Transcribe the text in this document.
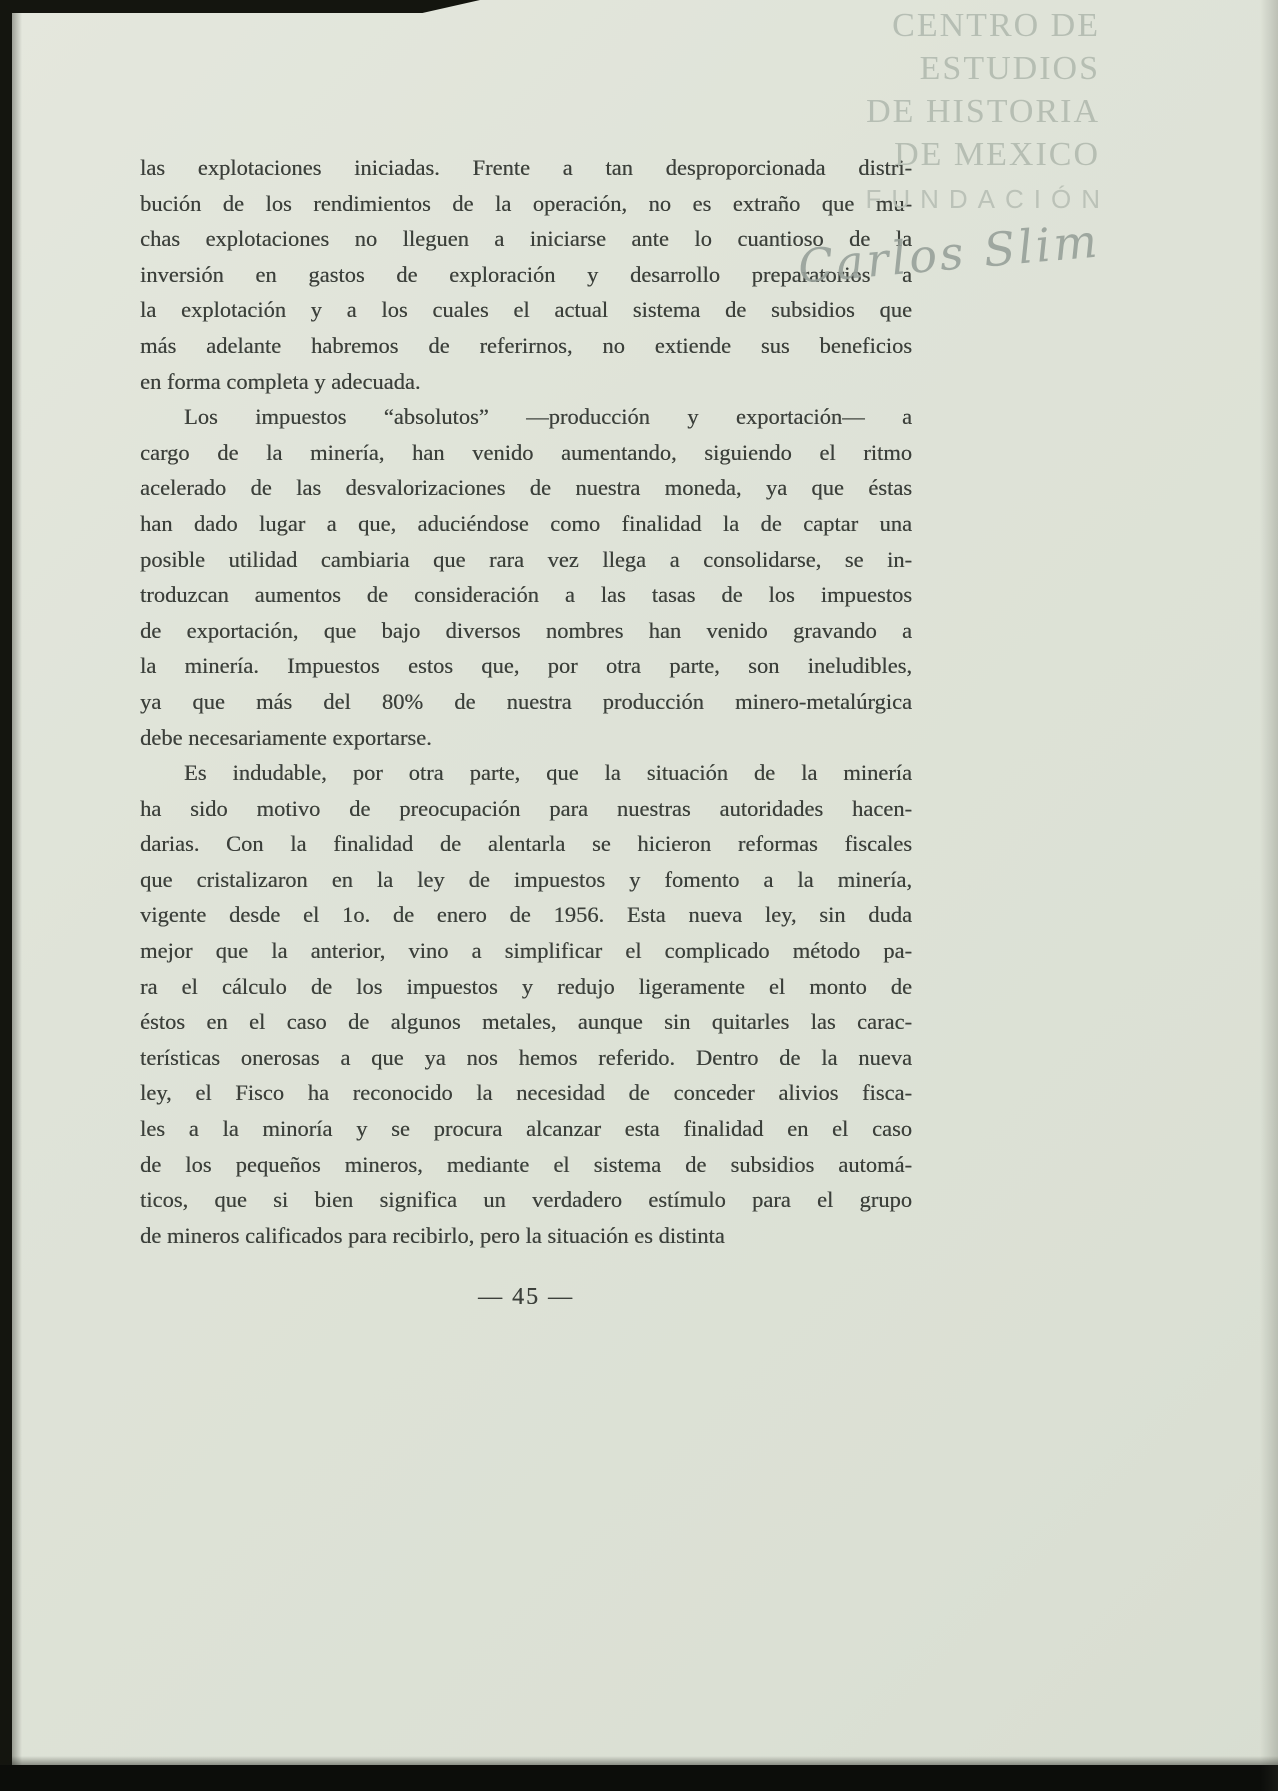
CENTRO DE
ESTUDIOS
DE HISTORIA
DE MEXICO
FUNDACIÓN
Carlos Slim
las explotaciones iniciadas. Frente a tan desproporcionada distri-
bución de los rendimientos de la operación, no es extraño que mu-
chas explotaciones no lleguen a iniciarse ante lo cuantioso de la
inversión en gastos de exploración y desarrollo preparatorios a
la explotación y a los cuales el actual sistema de subsidios que
más adelante habremos de referirnos, no extiende sus beneficios
en forma completa y adecuada.
Los impuestos “absolutos” —producción y exportación— a
cargo de la minería, han venido aumentando, siguiendo el ritmo
acelerado de las desvalorizaciones de nuestra moneda, ya que éstas
han dado lugar a que, aduciéndose como finalidad la de captar una
posible utilidad cambiaria que rara vez llega a consolidarse, se in-
troduzcan aumentos de consideración a las tasas de los impuestos
de exportación, que bajo diversos nombres han venido gravando a
la minería. Impuestos estos que, por otra parte, son ineludibles,
ya que más del 80% de nuestra producción minero-metalúrgica
debe necesariamente exportarse.
Es indudable, por otra parte, que la situación de la minería
ha sido motivo de preocupación para nuestras autoridades hacen-
darias. Con la finalidad de alentarla se hicieron reformas fiscales
que cristalizaron en la ley de impuestos y fomento a la minería,
vigente desde el 1o. de enero de 1956. Esta nueva ley, sin duda
mejor que la anterior, vino a simplificar el complicado método pa-
ra el cálculo de los impuestos y redujo ligeramente el monto de
éstos en el caso de algunos metales, aunque sin quitarles las carac-
terísticas onerosas a que ya nos hemos referido. Dentro de la nueva
ley, el Fisco ha reconocido la necesidad de conceder alivios fisca-
les a la minoría y se procura alcanzar esta finalidad en el caso
de los pequeños mineros, mediante el sistema de subsidios automá-
ticos, que si bien significa un verdadero estímulo para el grupo
de mineros calificados para recibirlo, pero la situación es distinta
— 45 —
